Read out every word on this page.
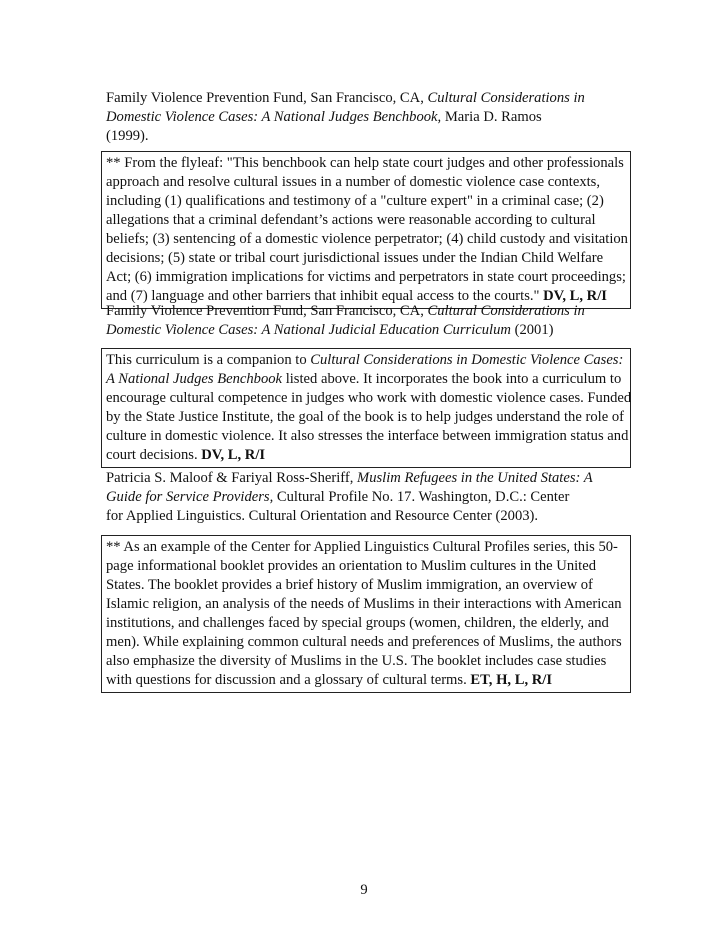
Family Violence Prevention Fund, San Francisco, CA, Cultural Considerations in
Domestic Violence Cases: A National Judges Benchbook, Maria D. Ramos
(1999).
** From the flyleaf: "This benchbook can help state court judges and other professionals
approach and resolve cultural issues in a number of domestic violence case contexts,
including (1) qualifications and testimony of a "culture expert" in a criminal case; (2)
allegations that a criminal defendant’s actions were reasonable according to cultural
beliefs; (3) sentencing of a domestic violence perpetrator; (4) child custody and visitation
decisions; (5) state or tribal court jurisdictional issues under the Indian Child Welfare
Act; (6) immigration implications for victims and perpetrators in state court proceedings;
and (7) language and other barriers that inhibit equal access to the courts." DV, L, R/I
Family Violence Prevention Fund, San Francisco, CA, Cultural Considerations in
Domestic Violence Cases: A National Judicial Education Curriculum (2001)
This curriculum is a companion to Cultural Considerations in Domestic Violence Cases:
A National Judges Benchbook listed above. It incorporates the book into a curriculum to
encourage cultural competence in judges who work with domestic violence cases. Funded
by the State Justice Institute, the goal of the book is to help judges understand the role of
culture in domestic violence. It also stresses the interface between immigration status and
court decisions. DV, L, R/I
Patricia S. Maloof & Fariyal Ross-Sheriff, Muslim Refugees in the United States: A
Guide for Service Providers, Cultural Profile No. 17. Washington, D.C.: Center
for Applied Linguistics. Cultural Orientation and Resource Center (2003).
** As an example of the Center for Applied Linguistics Cultural Profiles series, this 50-
page informational booklet provides an orientation to Muslim cultures in the United
States. The booklet provides a brief history of Muslim immigration, an overview of
Islamic religion, an analysis of the needs of Muslims in their interactions with American
institutions, and challenges faced by special groups (women, children, the elderly, and
men). While explaining common cultural needs and preferences of Muslims, the authors
also emphasize the diversity of Muslims in the U.S. The booklet includes case studies
with questions for discussion and a glossary of cultural terms. ET, H, L, R/I
9
